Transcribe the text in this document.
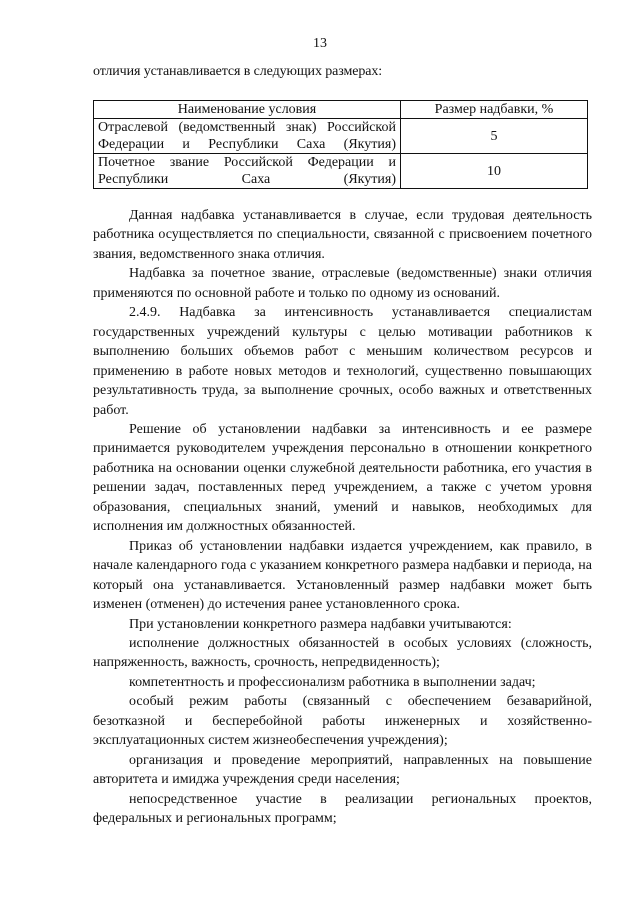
13
отличия устанавливается в следующих размерах:
Наименование условия	Размер надбавки, %
Отраслевой (ведомственный знак) Российской Федерации и Республики Саха (Якутия)	5
Почетное звание Российской Федерации и Республики Саха (Якутия)	10

Данная надбавка устанавливается в случае, если трудовая деятельность работника осуществляется по специальности, связанной с присвоением почетного звания, ведомственного знака отличия.

Надбавка за почетное звание, отраслевые (ведомственные) знаки отличия применяются по основной работе и только по одному из оснований.

2.4.9. Надбавка за интенсивность устанавливается специалистам государственных учреждений культуры с целью мотивации работников к выполнению больших объемов работ с меньшим количеством ресурсов и применению в работе новых методов и технологий, существенно повышающих результативность труда, за выполнение срочных, особо важных и ответственных работ.

Решение об установлении надбавки за интенсивность и ее размере принимается руководителем учреждения персонально в отношении конкретного работника на основании оценки служебной деятельности работника, его участия в решении задач, поставленных перед учреждением, а также с учетом уровня образования, специальных знаний, умений и навыков, необходимых для исполнения им должностных обязанностей.

Приказ об установлении надбавки издается учреждением, как правило, в начале календарного года с указанием конкретного размера надбавки и периода, на который она устанавливается. Установленный размер надбавки может быть изменен (отменен) до истечения ранее установленного срока.

При установлении конкретного размера надбавки учитываются:

исполнение должностных обязанностей в особых условиях (сложность, напряженность, важность, срочность, непредвиденность);

компетентность и профессионализм работника в выполнении задач;

особый режим работы (связанный с обеспечением безаварийной, безотказной и бесперебойной работы инженерных и хозяйственно-эксплуатационных систем жизнеобеспечения учреждения);

организация и проведение мероприятий, направленных на повышение авторитета и имиджа учреждения среди населения;

непосредственное участие в реализации региональных проектов, федеральных и региональных программ;
